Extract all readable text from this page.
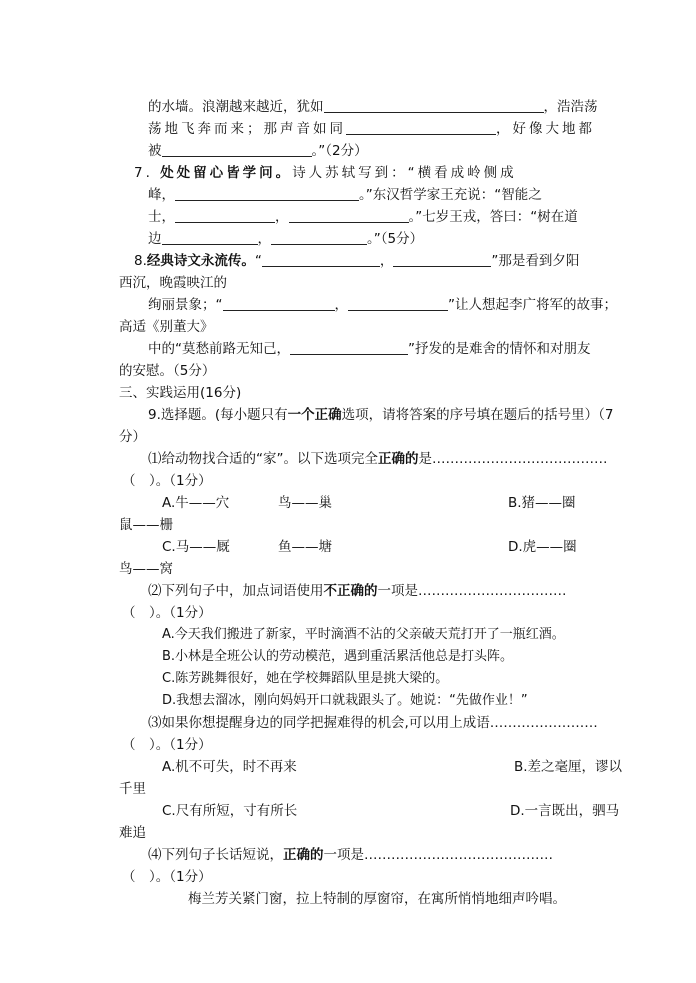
的水墙。浪潮越来越近，犹如	，浩浩荡
荡地飞奔而来；那声音如同	，好像大地都
被	。”（2分）
7. 处处留心皆学问。诗人苏轼写到：“横看成岭侧成
峰，	。”东汉哲学家王充说：“智能之
士，	，	。”七岁王戎，答曰：“树在道
边	，	。”（5分）
8.经典诗文永流传。“	，	”那是看到夕阳
西沉，晚霞映江的
绚丽景象；“	，	”让人想起李广将军的故事；
高适《别董大》
中的“莫愁前路无知己，	”抒发的是难舍的情怀和对朋友
的安慰。（5分）
三、实践运用(16分)
9.选择题。(每小题只有一个正确选项，请将答案的序号填在题后的括号里）（7
分）
⑴给动物找合适的“家”。以下选项完全正确的是…………………………………
（　）。（1分）
A.牛——穴	鸟——巢	B.猪——圈
鼠——栅
C.马——厩	鱼——塘	D.虎——圈
鸟——窝
⑵下列句子中，加点词语使用不正确的一项是……………………………
（　）。（1分）
A.今天我们搬进了新家，平时滴酒不沾的父亲破天荒打开了一瓶红酒。
B.小林是全班公认的劳动模范，遇到重活累活他总是打头阵。
C.陈芳跳舞很好，她在学校舞蹈队里是挑大梁的。
D.我想去溜冰，刚向妈妈开口就栽跟头了。她说：“先做作业！”
⑶如果你想提醒身边的同学把握难得的机会,可以用上成语……………………
（　）。（1分）
A.机不可失，时不再来	B.差之毫厘，谬以
千里
C.尺有所短，寸有所长	D.一言既出，驷马
难追
⑷下列句子长话短说，正确的一项是……………………………………
（　）。（1分）
梅兰芳关紧门窗，拉上特制的厚窗帘，在寓所悄悄地细声吟唱。
